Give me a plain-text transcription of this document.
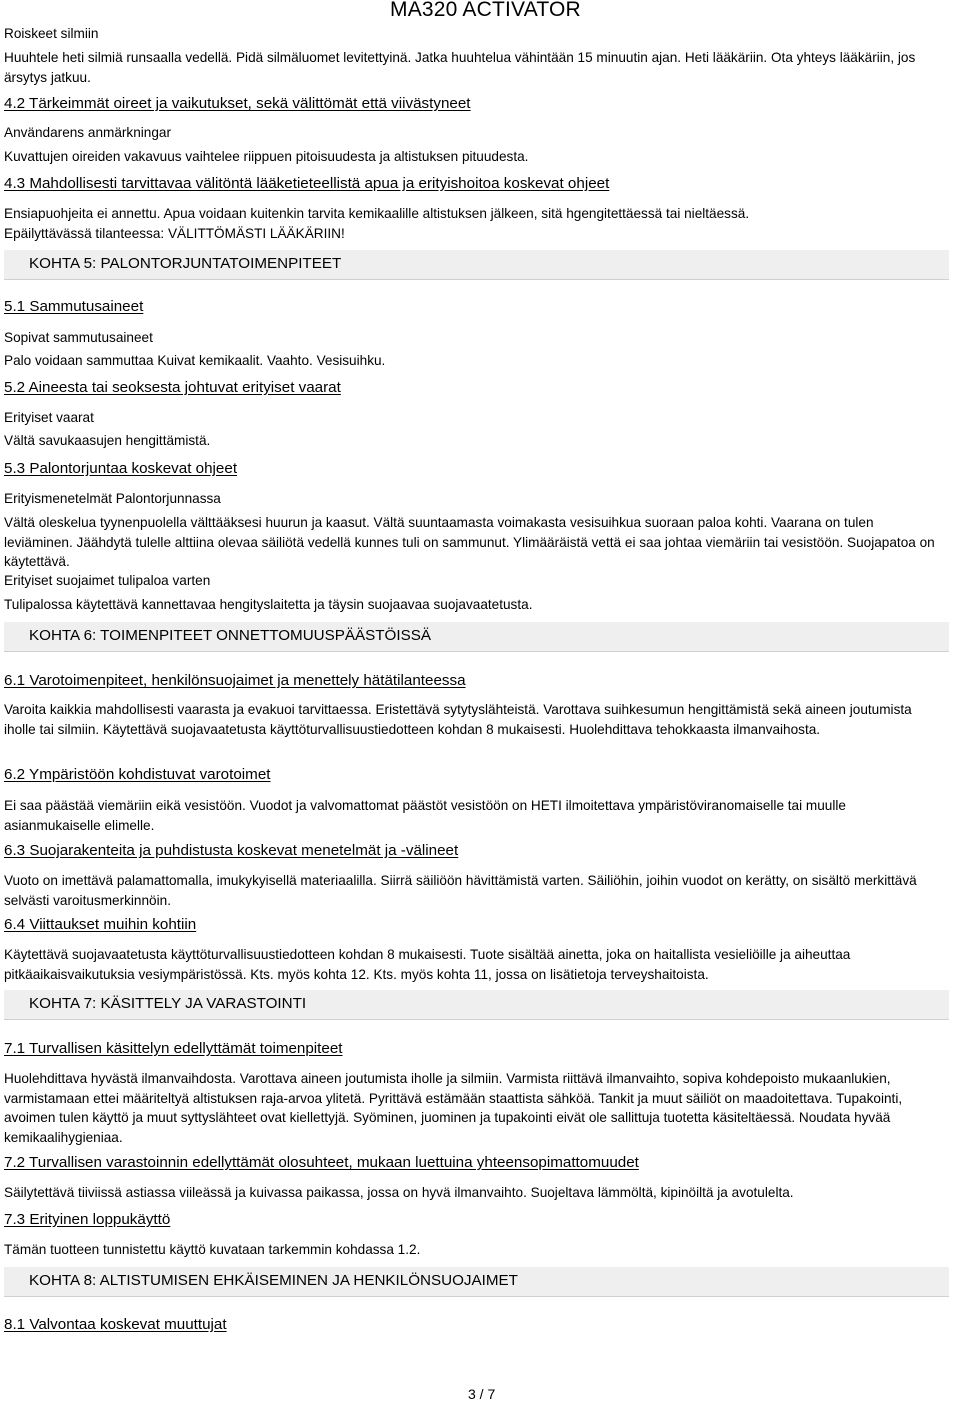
MA320 ACTIVATOR
Roiskeet silmiin
Huuhtele heti silmiä runsaalla vedellä. Pidä silmäluomet levitettyinä. Jatka huuhtelua vähintään 15 minuutin ajan. Heti lääkäriin. Ota yhteys lääkäriin, jos ärsytys jatkuu.
4.2 Tärkeimmät oireet ja vaikutukset, sekä välittömät että viivästyneet
Användarens anmärkningar
Kuvattujen oireiden vakavuus vaihtelee riippuen pitoisuudesta ja altistuksen pituudesta.
4.3 Mahdollisesti tarvittavaa välitöntä lääketieteellistä apua ja erityishoitoa koskevat ohjeet
Ensiapuohjeita ei annettu. Apua voidaan kuitenkin tarvita kemikaalille altistuksen jälkeen, sitä hgengitettäessä tai nieltäessä.
Epäilyttävässä tilanteessa: VÄLITTÖMÄSTI LÄÄKÄRIIN!
KOHTA 5: PALONTORJUNTATOIMENPITEET
5.1 Sammutusaineet
Sopivat sammutusaineet
Palo voidaan sammuttaa Kuivat kemikaalit. Vaahto. Vesisuihku.
5.2 Aineesta tai seoksesta johtuvat erityiset vaarat
Erityiset vaarat
Vältä savukaasujen hengittämistä.
5.3 Palontorjuntaa koskevat ohjeet
Erityismenetelmät Palontorjunnassa
Vältä oleskelua tyynenpuolella välttääksesi huurun ja kaasut. Vältä suuntaamasta voimakasta vesisuihkua suoraan paloa kohti. Vaarana on tulen leviäminen. Jäähdytä tulelle alttiina olevaa säiliötä vedellä kunnes tuli on sammunut. Ylimääräistä vettä ei saa johtaa viemäriin tai vesistöön. Suojapatoa on käytettävä.
Erityiset suojaimet tulipaloa varten
Tulipalossa käytettävä kannettavaa hengityslaitetta ja täysin suojaavaa suojavaatetusta.
KOHTA 6: TOIMENPITEET ONNETTOMUUSPÄÄSTÖISSÄ
6.1 Varotoimenpiteet, henkilönsuojaimet ja menettely hätätilanteessa
Varoita kaikkia mahdollisesti vaarasta ja evakuoi tarvittaessa. Eristettävä sytytyslähteistä. Varottava suihkesumun hengittämistä sekä aineen joutumista iholle tai silmiin. Käytettävä suojavaatetusta käyttöturvallisuustiedotteen kohdan 8 mukaisesti. Huolehdittava tehokkaasta ilmanvaihosta.
6.2 Ympäristöön kohdistuvat varotoimet
Ei saa päästää viemäriin eikä vesistöön. Vuodot ja valvomattomat päästöt vesistöön on HETI ilmoitettava ympäristöviranomaiselle tai muulle asianmukaiselle elimelle.
6.3 Suojarakenteita ja puhdistusta koskevat menetelmät ja -välineet
Vuoto on imettävä palamattomalla, imukykyisellä materiaalilla. Siirrä säiliöön hävittämistä varten. Säiliöhin, joihin vuodot on kerätty, on sisältö merkittävä selvästi varoitusmerkinnöin.
6.4 Viittaukset muihin kohtiin
Käytettävä suojavaatetusta käyttöturvallisuustiedotteen kohdan 8 mukaisesti. Tuote sisältää ainetta, joka on haitallista vesieliöille ja aiheuttaa pitkäaikaisvaikutuksia vesiympäristössä. Kts. myös kohta 12. Kts. myös kohta 11, jossa on lisätietoja terveyshaitoista.
KOHTA 7: KÄSITTELY JA VARASTOINTI
7.1 Turvallisen käsittelyn edellyttämät toimenpiteet
Huolehdittava hyvästä ilmanvaihdosta. Varottava aineen joutumista iholle ja silmiin. Varmista riittävä ilmanvaihto, sopiva kohdepoisto mukaanlukien, varmistamaan ettei määriteltyä altistuksen raja-arvoa ylitetä. Pyrittävä estämään staattista sähköä. Tankit ja muut säiliöt on maadoitettava. Tupakointi, avoimen tulen käyttö ja muut syttyslähteet ovat kiellettyjä. Syöminen, juominen ja tupakointi eivät ole sallittuja tuotetta käsiteltäessä. Noudata hyvää kemikaalihygieniaa.
7.2 Turvallisen varastoinnin edellyttämät olosuhteet, mukaan luettuina yhteensopimattomuudet
Säilytettävä tiiviissä astiassa viileässä ja kuivassa paikassa, jossa on hyvä ilmanvaihto. Suojeltava lämmöltä, kipinöiltä ja avotulelta.
7.3 Erityinen loppukäyttö
Tämän tuotteen tunnistettu käyttö kuvataan tarkemmin kohdassa 1.2.
KOHTA 8: ALTISTUMISEN EHKÄISEMINEN JA HENKILÖNSUOJAIMET
8.1 Valvontaa koskevat muuttujat
3 / 7
